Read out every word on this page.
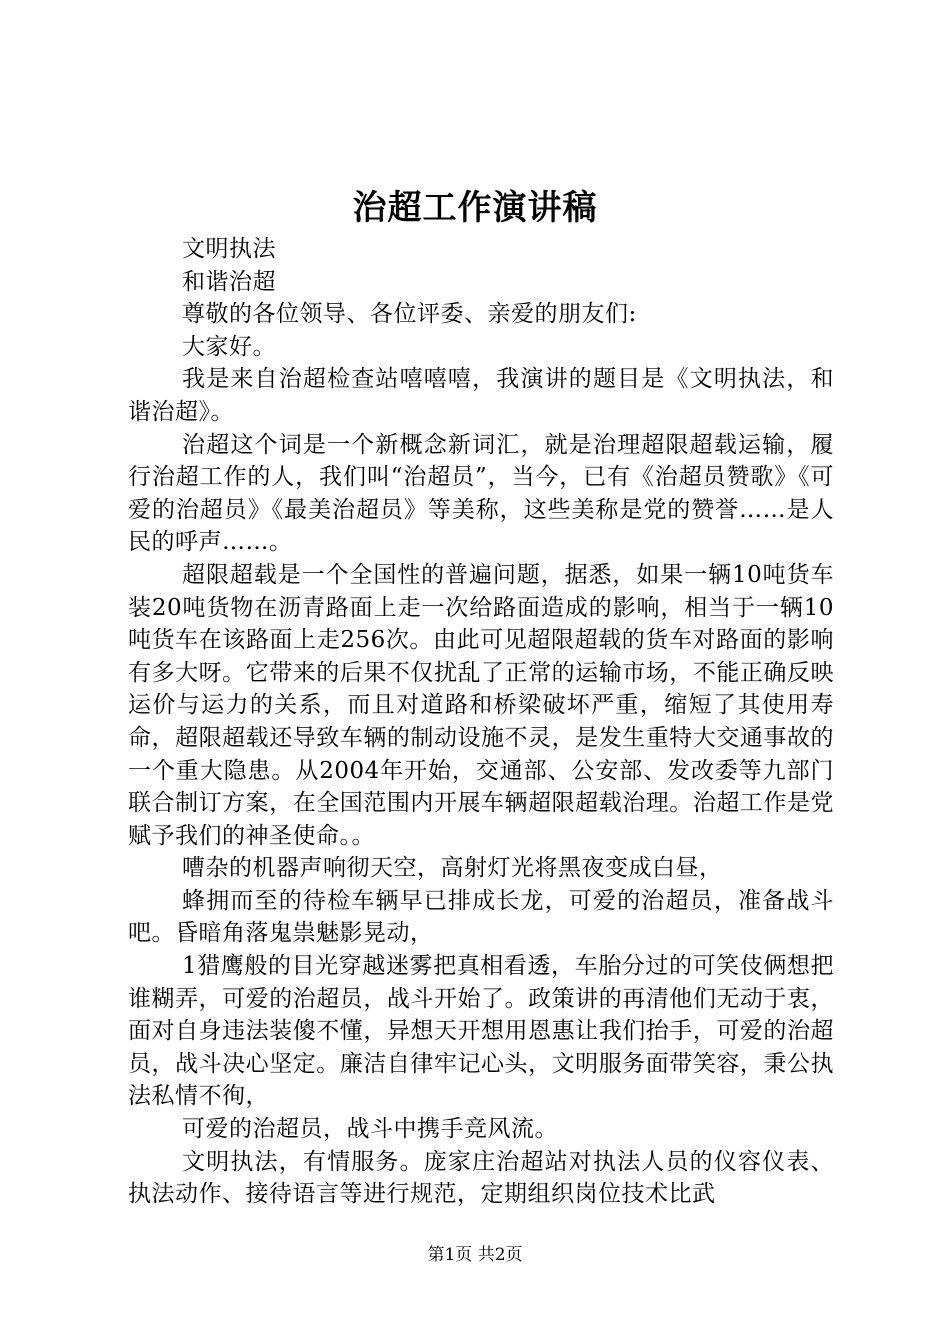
治超工作演讲稿

文明执法

和谐治超

尊敬的各位领导、各位评委、亲爱的朋友们:

大家好。

我是来自治超检查站嘻嘻嘻，我演讲的题目是《文明执法，和谐治超》。

治超这个词是一个新概念新词汇，就是治理超限超载运输，履行治超工作的人，我们叫“治超员”，当今，已有《治超员赞歌》《可爱的治超员》《最美治超员》等美称，这些美称是党的赞誉……是人民的呼声……。

超限超载是一个全国性的普遍问题，据悉，如果一辆10吨货车装20吨货物在沥青路面上走一次给路面造成的影响，相当于一辆10吨货车在该路面上走256次。由此可见超限超载的货车对路面的影响有多大呀。它带来的后果不仅扰乱了正常的运输市场，不能正确反映运价与运力的关系，而且对道路和桥梁破坏严重，缩短了其使用寿命，超限超载还导致车辆的制动设施不灵，是发生重特大交通事故的一个重大隐患。从2004年开始，交通部、公安部、发改委等九部门联合制订方案，在全国范围内开展车辆超限超载治理。治超工作是党赋予我们的神圣使命。。

嘈杂的机器声响彻天空，高射灯光将黑夜变成白昼，

蜂拥而至的待检车辆早已排成长龙，可爱的治超员，准备战斗吧。昏暗角落鬼祟魅影晃动，

1猎鹰般的目光穿越迷雾把真相看透，车胎分过的可笑伎俩想把谁糊弄，可爱的治超员，战斗开始了。政策讲的再清他们无动于衷，面对自身违法装傻不懂，异想天开想用恩惠让我们抬手，可爱的治超员，战斗决心坚定。廉洁自律牢记心头，文明服务面带笑容，秉公执法私情不徇，

可爱的治超员，战斗中携手竞风流。

文明执法，有情服务。庞家庄治超站对执法人员的仪容仪表、执法动作、接待语言等进行规范，定期组织岗位技术比武

第1页 共2页
